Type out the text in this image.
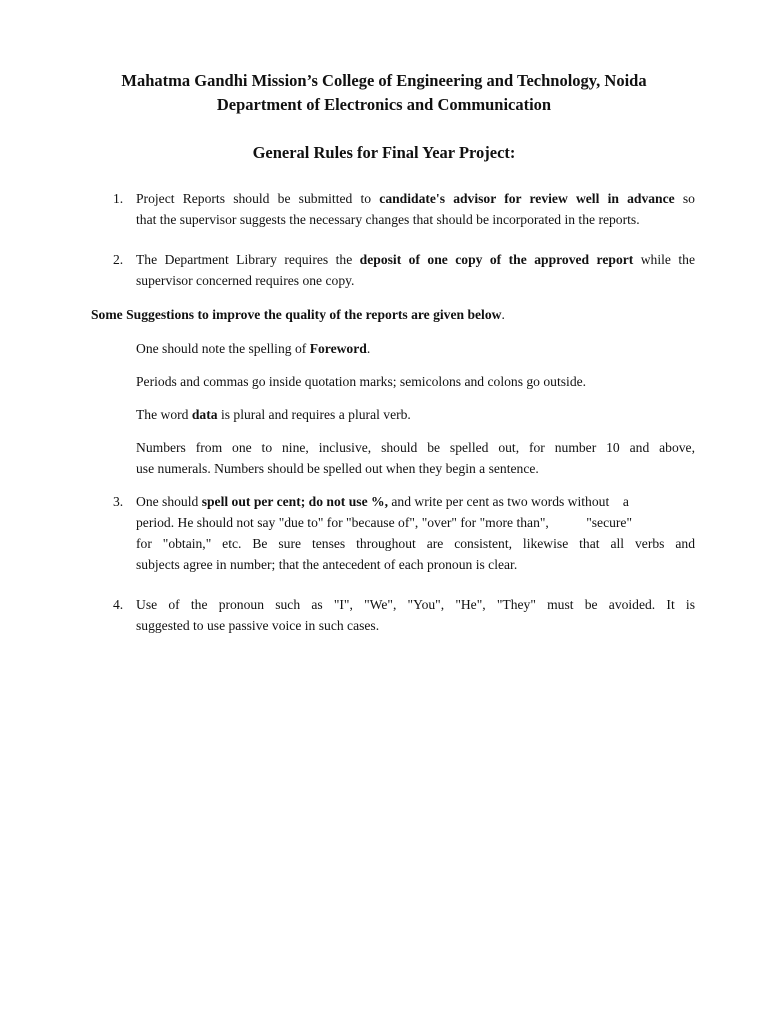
Mahatma Gandhi Mission’s College of Engineering and Technology, Noida
Department of Electronics and Communication
General Rules for Final Year Project:
1. Project Reports should be submitted to candidate's advisor for review well in advance so
that the supervisor suggests the necessary changes that should be incorporated in the reports.
2. The Department Library requires the deposit of one copy of the approved report while the
supervisor concerned requires one copy.
Some Suggestions to improve the quality of the reports are given below.
One should note the spelling of Foreword.
Periods and commas go inside quotation marks; semicolons and colons go outside.
The word data is plural and requires a plural verb.
Numbers from one to nine, inclusive, should be spelled out, for number 10 and above,
use numerals. Numbers should be spelled out when they begin a sentence.
3. One should spell out per cent; do not use %, and write per cent as two words without    a
period. He should not say "due to" for "because of", "over" for "more than",           "secure"
for "obtain," etc. Be sure tenses throughout are consistent, likewise that all verbs and
subjects agree in number; that the antecedent of each pronoun is clear.
4. Use of the pronoun such as "I", "We", "You", "He", "They" must be avoided. It is
suggested to use passive voice in such cases.
